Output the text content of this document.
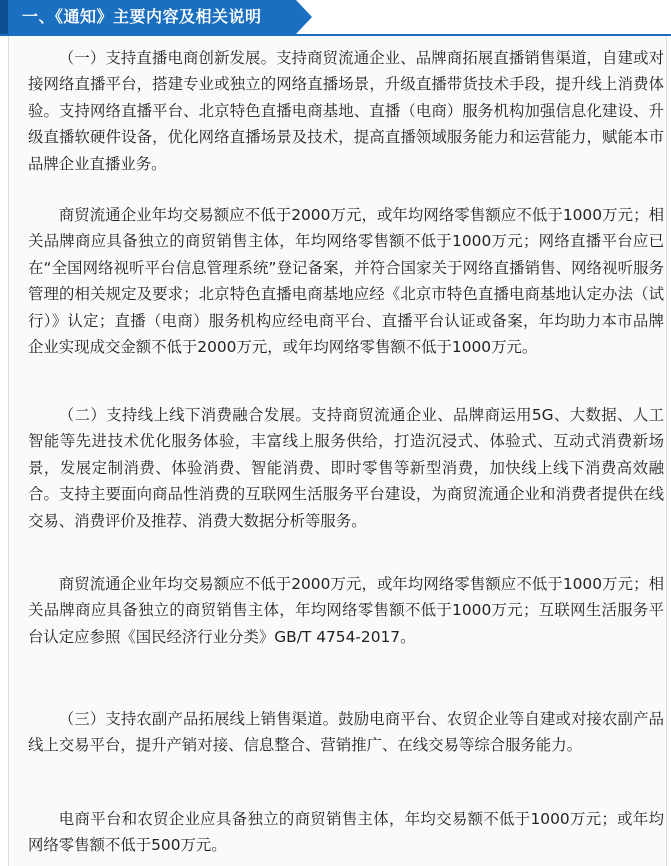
一、《通知》主要内容及相关说明

（一）支持直播电商创新发展。支持商贸流通企业、品牌商拓展直播销售渠道，自建或对接网络直播平台，搭建专业或独立的网络直播场景，升级直播带货技术手段，提升线上消费体验。支持网络直播平台、北京特色直播电商基地、直播（电商）服务机构加强信息化建设、升级直播软硬件设备，优化网络直播场景及技术，提高直播领域服务能力和运营能力，赋能本市品牌企业直播业务。

商贸流通企业年均交易额应不低于2000万元，或年均网络零售额应不低于1000万元；相关品牌商应具备独立的商贸销售主体，年均网络零售额不低于1000万元；网络直播平台应已在“全国网络视听平台信息管理系统”登记备案，并符合国家关于网络直播销售、网络视听服务管理的相关规定及要求；北京特色直播电商基地应经《北京市特色直播电商基地认定办法（试行）》认定；直播（电商）服务机构应经电商平台、直播平台认证或备案，年均助力本市品牌企业实现成交金额不低于2000万元，或年均网络零售额不低于1000万元。

（二）支持线上线下消费融合发展。支持商贸流通企业、品牌商运用5G、大数据、人工智能等先进技术优化服务体验，丰富线上服务供给，打造沉浸式、体验式、互动式消费新场景，发展定制消费、体验消费、智能消费、即时零售等新型消费，加快线上线下消费高效融合。支持主要面向商品性消费的互联网生活服务平台建设，为商贸流通企业和消费者提供在线交易、消费评价及推荐、消费大数据分析等服务。

商贸流通企业年均交易额应不低于2000万元，或年均网络零售额应不低于1000万元；相关品牌商应具备独立的商贸销售主体，年均网络零售额不低于1000万元；互联网生活服务平台认定应参照《国民经济行业分类》GB/T 4754-2017。

（三）支持农副产品拓展线上销售渠道。鼓励电商平台、农贸企业等自建或对接农副产品线上交易平台，提升产销对接、信息整合、营销推广、在线交易等综合服务能力。

电商平台和农贸企业应具备独立的商贸销售主体，年均交易额不低于1000万元；或年均网络零售额不低于500万元。
